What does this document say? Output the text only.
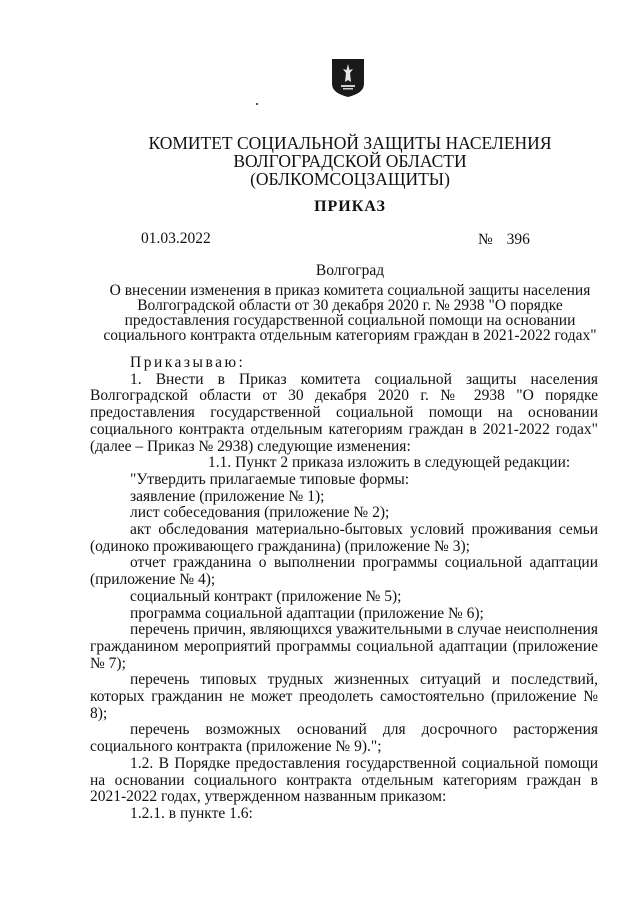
КОМИТЕТ СОЦИАЛЬНОЙ ЗАЩИТЫ НАСЕЛЕНИЯ
ВОЛГОГРАДСКОЙ ОБЛАСТИ
(ОБЛКОМСОЦЗАЩИТЫ)
ПРИКАЗ
01.03.2022	№ 396
Волгоград
О внесении изменения в приказ комитета социальной защиты населения
Волгоградской области от 30 декабря 2020 г. № 2938 "О порядке
предоставления государственной социальной помощи на основании
социального контракта отдельным категориям граждан в 2021-2022 годах"

Приказываю:

1. Внести в Приказ комитета социальной защиты населения Волгоградской области от 30 декабря 2020 г. № 2938 "О порядке предоставления государственной социальной помощи на основании социального контракта отдельным категориям граждан в 2021-2022 годах" (далее – Приказ № 2938) следующие изменения:

1.1. Пункт 2 приказа изложить в следующей редакции:

"Утвердить прилагаемые типовые формы:

заявление (приложение № 1);

лист собеседования (приложение № 2);

акт обследования материально-бытовых условий проживания семьи (одиноко проживающего гражданина) (приложение № 3);

отчет гражданина о выполнении программы социальной адаптации (приложение № 4);

социальный контракт (приложение № 5);

программа социальной адаптации (приложение № 6);

перечень причин, являющихся уважительными в случае неисполнения гражданином мероприятий программы социальной адаптации (приложение № 7);

перечень типовых трудных жизненных ситуаций и последствий, которых гражданин не может преодолеть самостоятельно (приложение № 8);

перечень возможных оснований для досрочного расторжения социального контракта (приложение № 9).";

1.2. В Порядке предоставления государственной социальной помощи на основании социального контракта отдельным категориям граждан в 2021-2022 годах, утвержденном названным приказом:

1.2.1. в пункте 1.6:
